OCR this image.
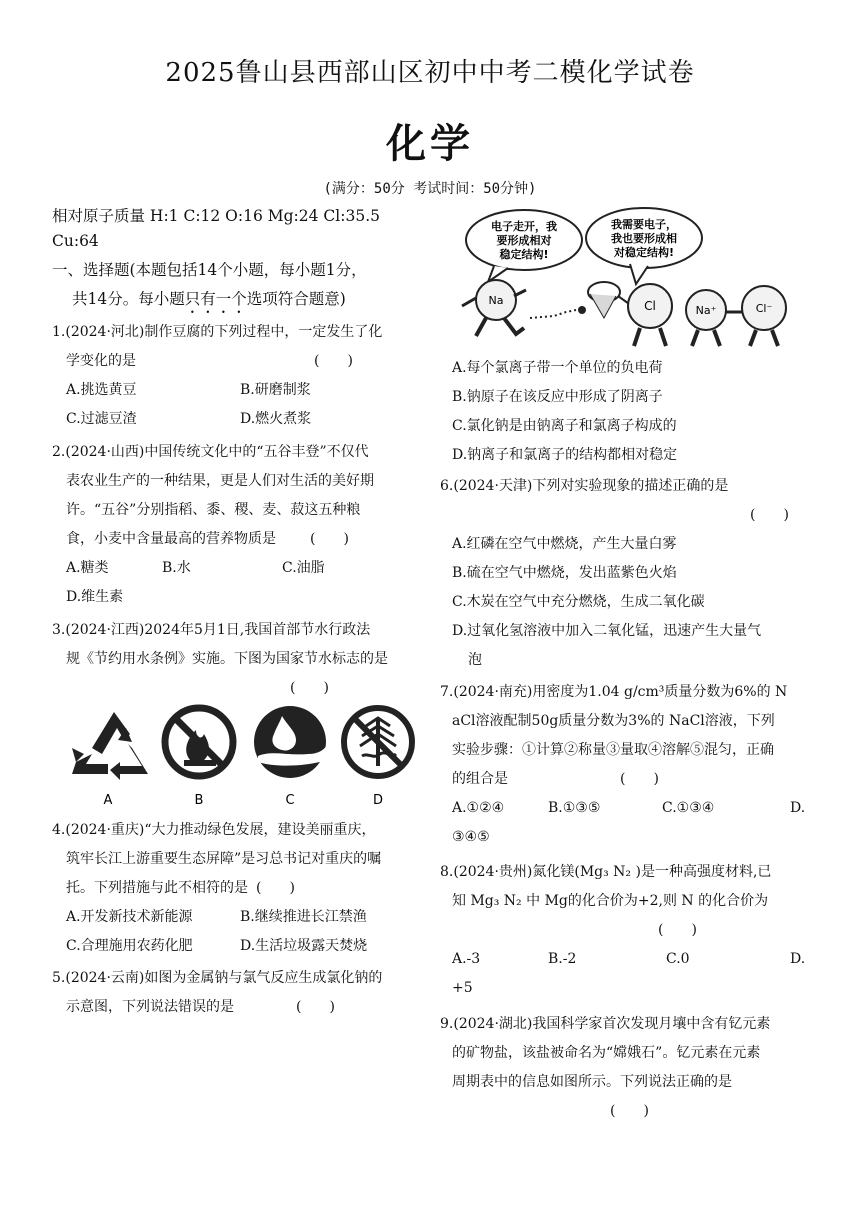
2025鲁山县西部山区初中中考二模化学试卷
化学
(满分：50分 考试时间：50分钟)
相对原子质量 H:1 C:12 O:16 Mg:24 Cl:35.5
Cu:64
一、选择题(本题包括14个小题，每小题1分，
共14分。每小题只有一个选项符合题意)
1.(2024·河北)制作豆腐的下列过程中，一定发生了化
学变化的是	(　　)
A.挑选黄豆	B.研磨制浆
C.过滤豆渣	D.燃火煮浆
2.(2024·山西)中国传统文化中的“五谷丰登”不仅代
表农业生产的一种结果，更是人们对生活的美好期
许。“五谷”分别指稻、黍、稷、麦、菽这五种粮
食，小麦中含量最高的营养物质是 (　　)
A.糖类	B.水	C.油脂
D.维生素
3.(2024·江西)2024年5月1日,我国首部节水行政法
规《节约用水条例》实施。下图为国家节水标志的是
(　　)
A	B	C	D
4.(2024·重庆)“大力推动绿色发展，建设美丽重庆，
筑牢长江上游重要生态屏障”是习总书记对重庆的嘱
托。下列措施与此不相符的是 (　　)
A.开发新技术新能源	B.继续推进长江禁渔
C.合理施用农药化肥	D.生活垃圾露天焚烧
5.(2024·云南)如图为金属钠与氯气反应生成氯化钠的
示意图，下列说法错误的是	(　　)
电子走开，我
要形成相对
稳定结构!
我需要电子，
我也要形成相
对稳定结构!
Na	Cl	Na⁺	Cl⁻
A.每个氯离子带一个单位的负电荷
B.钠原子在该反应中形成了阴离子
C.氯化钠是由钠离子和氯离子构成的
D.钠离子和氯离子的结构都相对稳定
6.(2024·天津)下列对实验现象的描述正确的是
(　　)
A.红磷在空气中燃烧，产生大量白雾
B.硫在空气中燃烧，发出蓝紫色火焰
C.木炭在空气中充分燃烧，生成二氧化碳
D.过氧化氢溶液中加入二氧化锰，迅速产生大量气
泡
7.(2024·南充)用密度为1.04 g/cm³质量分数为6%的 N
aCl溶液配制50g质量分数为3%的 NaCl溶液，下列
实验步骤：①计算②称量③量取④溶解⑤混匀，正确
的组合是	(　　)
A.①②④	B.①③⑤	C.①③④	D.
③④⑤
8.(2024·贵州)氮化镁(Mg₃ N₂ )是一种高强度材料,已
知 Mg₃ N₂ 中 Mg的化合价为+2,则 N 的化合价为
(　　)
A.-3	B.-2	C.0	D.
+5
9.(2024·湖北)我国科学家首次发现月壤中含有钇元素
的矿物盐，该盐被命名为“嫦娥石”。钇元素在元素
周期表中的信息如图所示。下列说法正确的是
(　　)
